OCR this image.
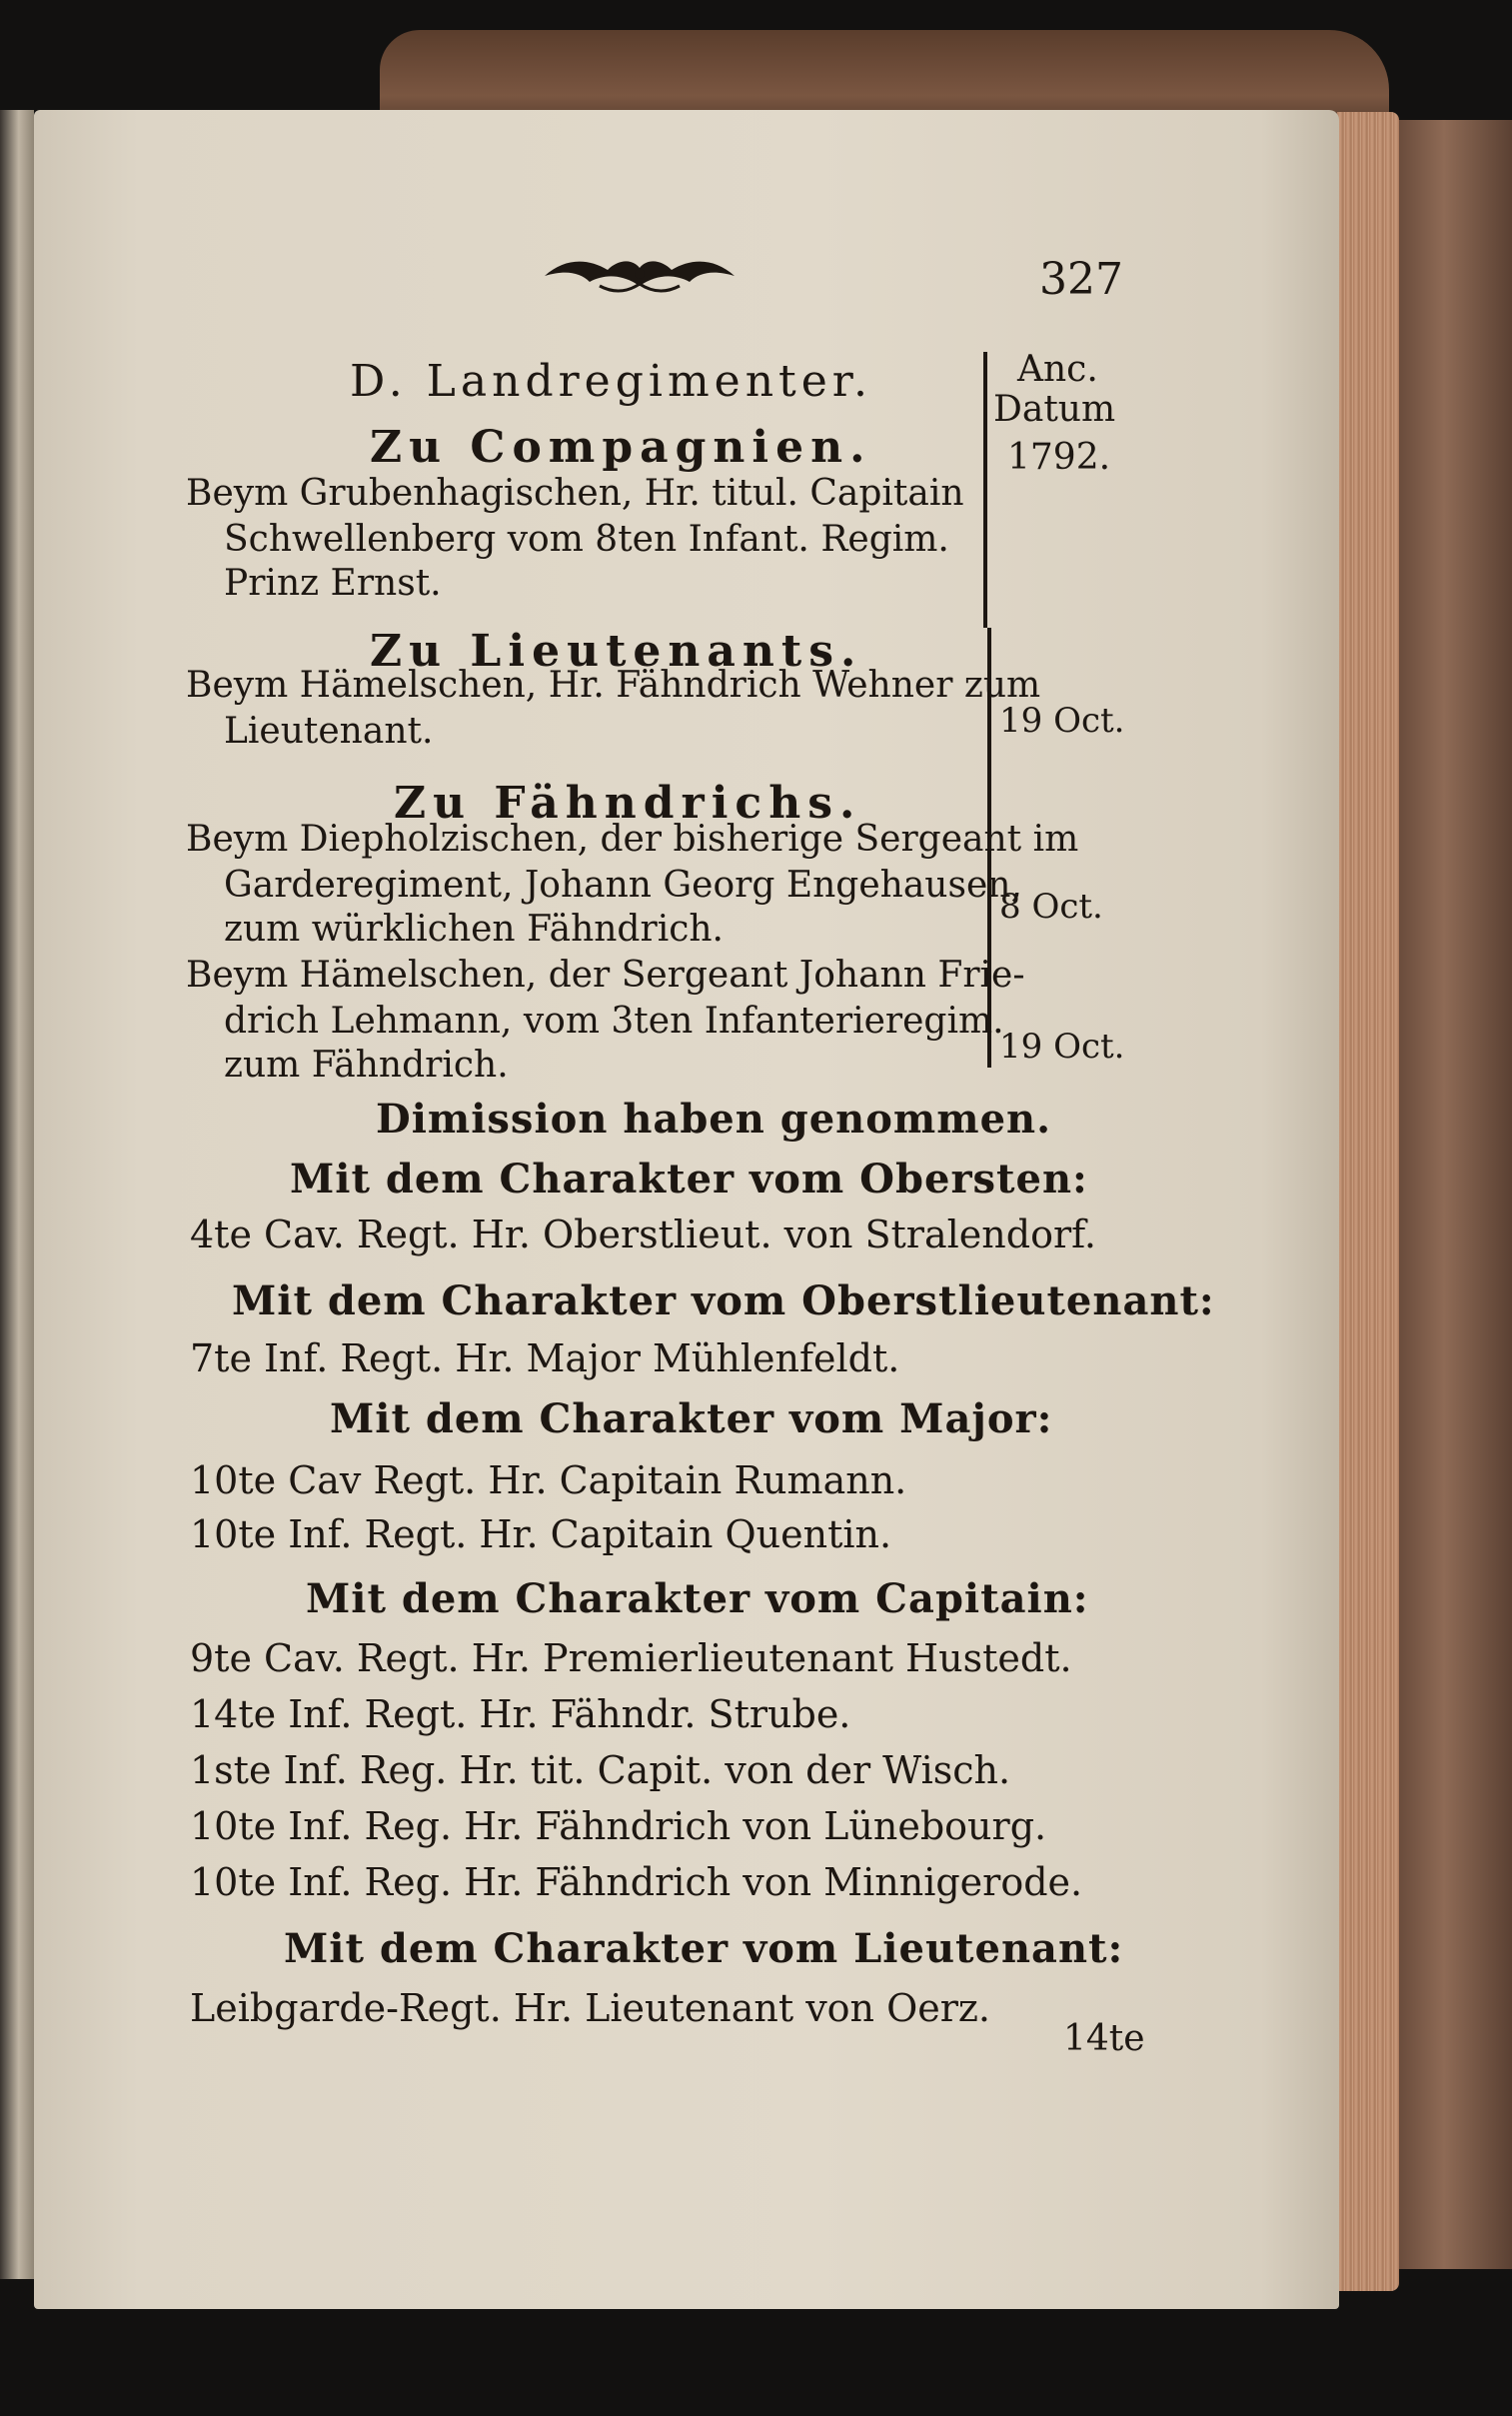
327
Anc.
Datum
1792.
D. Landregimenter.
Zu Compagnien.
Beym Grubenhagischen, Hr. titul. Capitain
Schwellenberg vom 8ten Infant. Regim.
Prinz Ernst.
Zu Lieutenants.
Beym Hämelschen, Hr. Fähndrich Wehner zum
Lieutenant.	19 Oct.
Zu Fähndrichs.
Beym Diepholzischen, der bisherige Sergeant im
Garderegiment, Johann Georg Engehausen,
zum würklichen Fähndrich.
8 Oct.
Beym Hämelschen, der Sergeant Johann Frie-
drich Lehmann, vom 3ten Infanterieregim.
zum Fähndrich.	19 Oct.
Dimission haben genommen.
Mit dem Charakter vom Obersten:
4te Cav. Regt. Hr. Oberstlieut. von Stralendorf.
Mit dem Charakter vom Oberstlieutenant:
7te Inf. Regt. Hr. Major Mühlenfeldt.
Mit dem Charakter vom Major:
10te Cav Regt. Hr. Capitain Rumann.
10te Inf. Regt. Hr. Capitain Quentin.
Mit dem Charakter vom Capitain:
9te Cav. Regt. Hr. Premierlieutenant Hustedt.
14te Inf. Regt. Hr. Fähndr. Strube.
1ste Inf. Reg. Hr. tit. Capit. von der Wisch.
10te Inf. Reg. Hr. Fähndrich von Lünebourg.
10te Inf. Reg. Hr. Fähndrich von Minnigerode.
Mit dem Charakter vom Lieutenant:
Leibgarde-Regt. Hr. Lieutenant von Oerz.
14te
